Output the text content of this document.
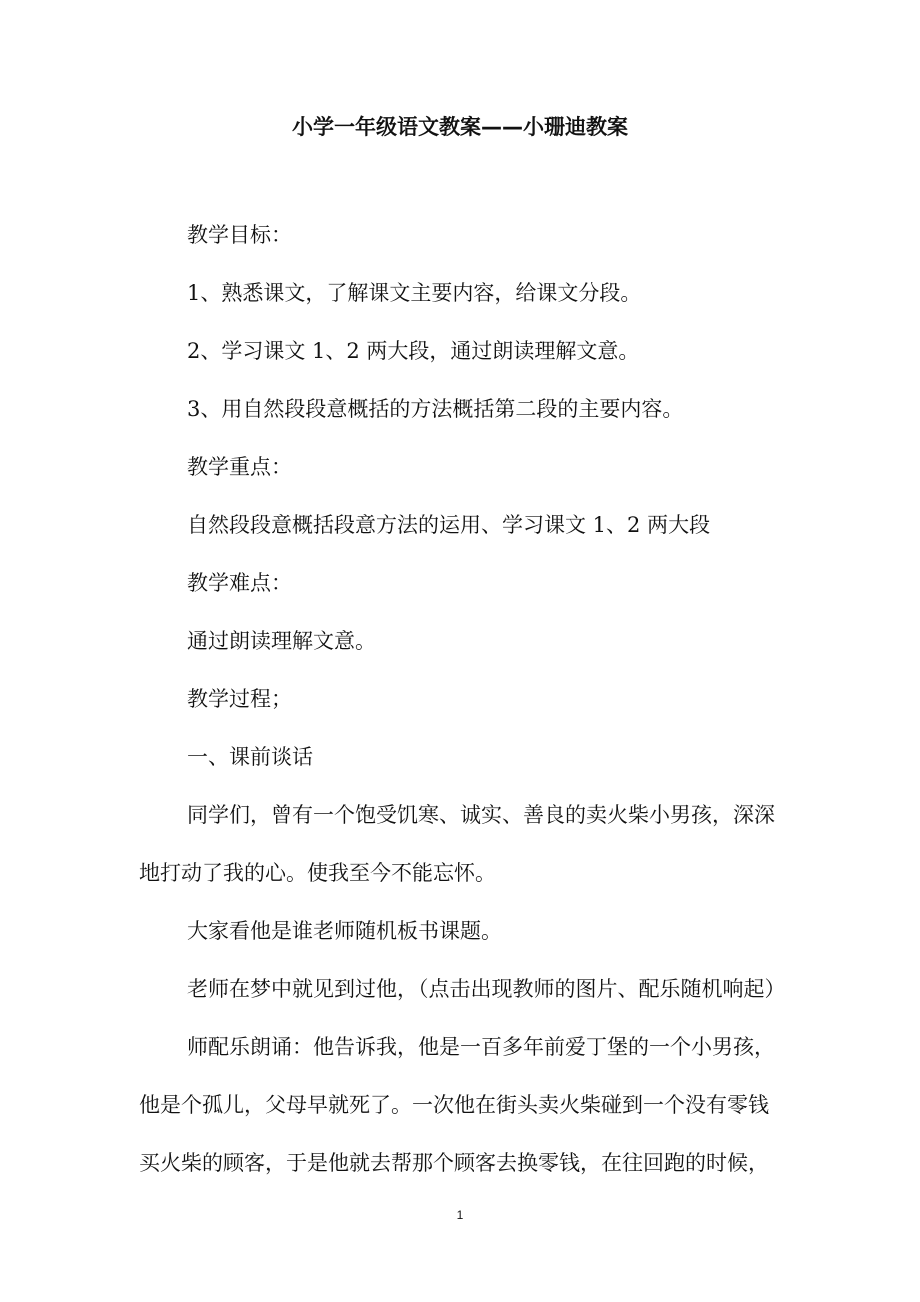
小学一年级语文教案——小珊迪教案
教学目标：
1、熟悉课文，了解课文主要内容，给课文分段。
2、学习课文 1、2 两大段，通过朗读理解文意。
3、用自然段段意概括的方法概括第二段的主要内容。
教学重点：
自然段段意概括段意方法的运用、学习课文 1、2 两大段
教学难点：
通过朗读理解文意。
教学过程；
一、课前谈话
同学们，曾有一个饱受饥寒、诚实、善良的卖火柴小男孩，深深
地打动了我的心。使我至今不能忘怀。
大家看他是谁老师随机板书课题。
老师在梦中就见到过他，（点击出现教师的图片、配乐随机响起）
师配乐朗诵：他告诉我，他是一百多年前爱丁堡的一个小男孩，
他是个孤儿，父母早就死了。一次他在街头卖火柴碰到一个没有零钱
买火柴的顾客，于是他就去帮那个顾客去换零钱，在往回跑的时候，
1
